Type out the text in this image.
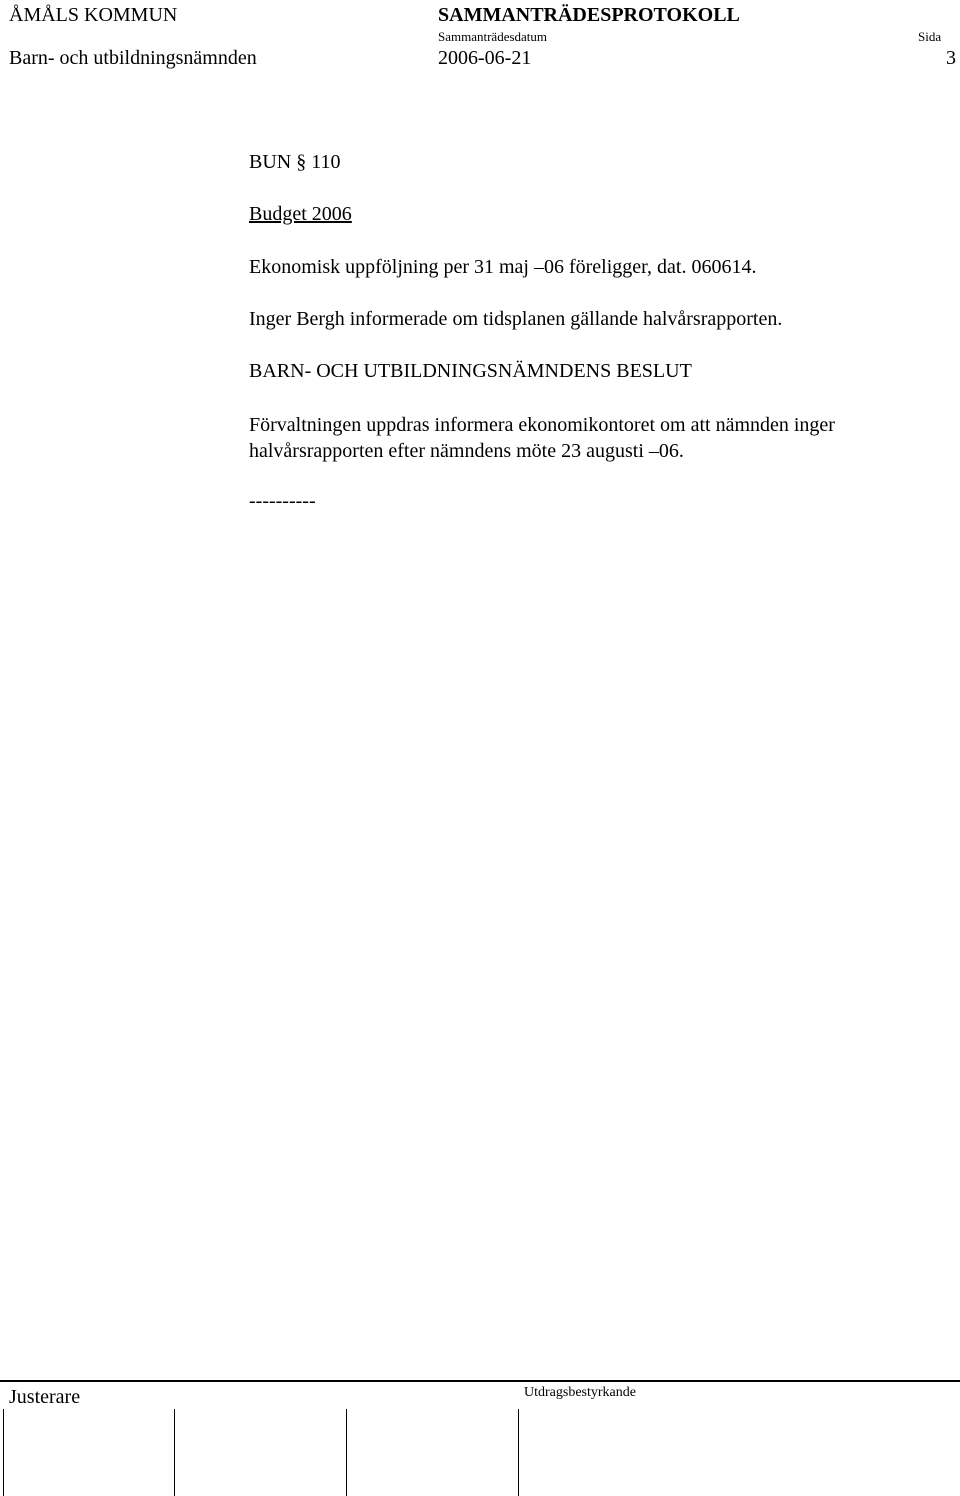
ÅMÅLS KOMMUN	SAMMANTRÄDESPROTOKOLL
Sammanträdesdatum	Sida
Barn- och utbildningsnämnden	2006-06-21	3
BUN § 110
Budget 2006
Ekonomisk uppföljning per 31 maj –06 föreligger, dat. 060614.
Inger Bergh informerade om tidsplanen gällande halvårsrapporten.
BARN- OCH UTBILDNINGSNÄMNDENS BESLUT
Förvaltningen uppdras informera ekonomikontoret om att nämnden inger halvårsrapporten efter nämndens möte 23 augusti –06.
----------
Justerare	Utdragsbestyrkande
